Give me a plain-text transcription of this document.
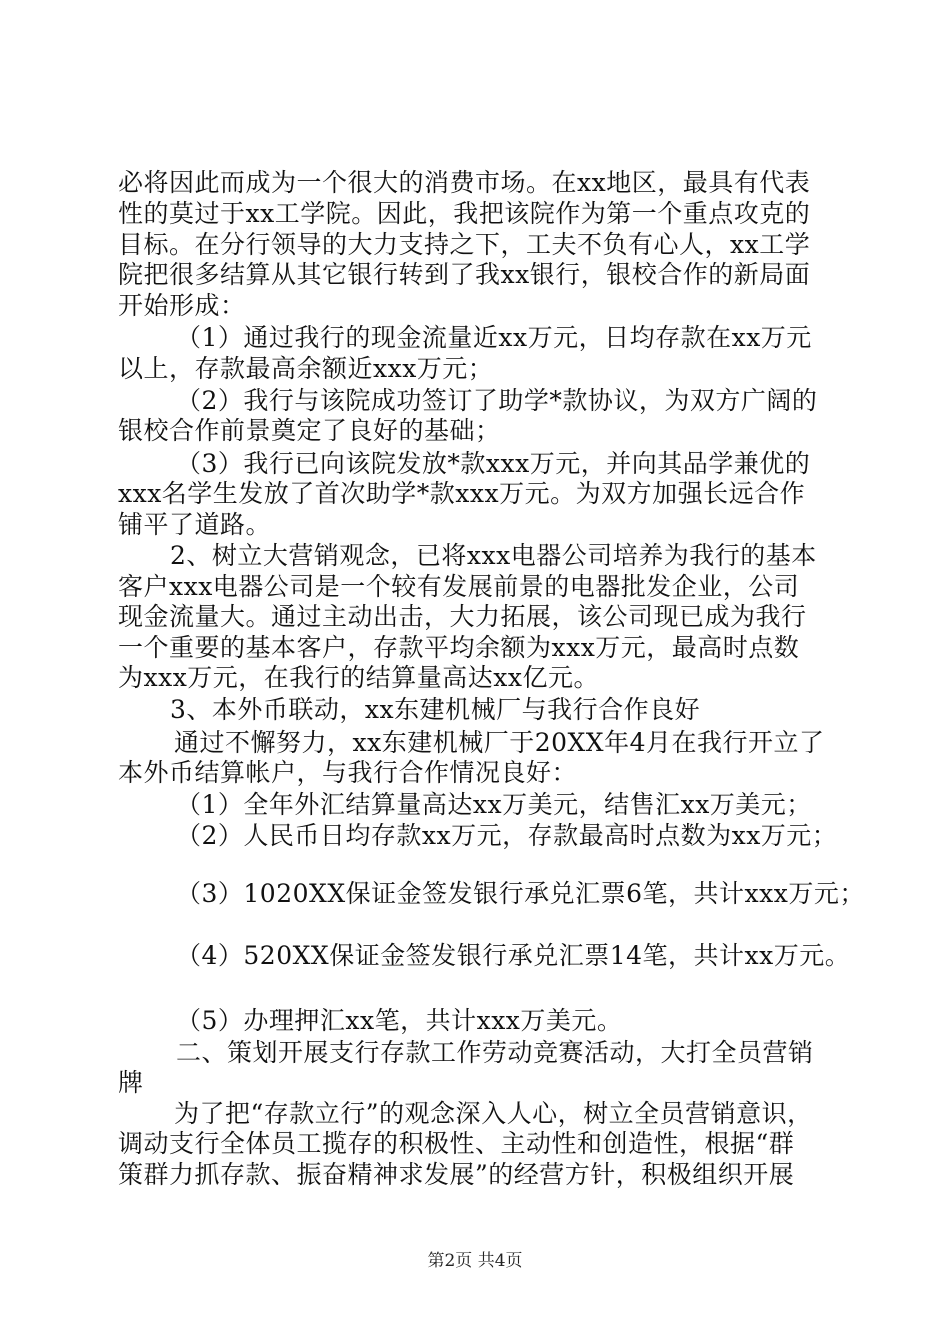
必将因此而成为一个很大的消费市场。在xx地区，最具有代表
性的莫过于xx工学院。因此，我把该院作为第一个重点攻克的
目标。在分行领导的大力支持之下，工夫不负有心人，xx工学
院把很多结算从其它银行转到了我xx银行，银校合作的新局面
开始形成：
（1）通过我行的现金流量近xx万元，日均存款在xx万元
以上，存款最高余额近xxx万元；
（2）我行与该院成功签订了助学*款协议，为双方广阔的
银校合作前景奠定了良好的基础；
（3）我行已向该院发放*款xxx万元，并向其品学兼优的
xxx名学生发放了首次助学*款xxx万元。为双方加强长远合作
铺平了道路。
2、树立大营销观念，已将xxx电器公司培养为我行的基本
客户xxx电器公司是一个较有发展前景的电器批发企业，公司
现金流量大。通过主动出击，大力拓展，该公司现已成为我行
一个重要的基本客户，存款平均余额为xxx万元，最高时点数
为xxx万元，在我行的结算量高达xx亿元。
3、本外币联动，xx东建机械厂与我行合作良好
通过不懈努力，xx东建机械厂于20XX年4月在我行开立了
本外币结算帐户，与我行合作情况良好：
（1）全年外汇结算量高达xx万美元，结售汇xx万美元；
（2）人民币日均存款xx万元，存款最高时点数为xx万元；
（3）1020XX保证金签发银行承兑汇票6笔，共计xxx万元；
（4）520XX保证金签发银行承兑汇票14笔，共计xx万元。
（5）办理押汇xx笔，共计xxx万美元。
二、策划开展支行存款工作劳动竞赛活动，大打全员营销
牌
为了把“存款立行”的观念深入人心，树立全员营销意识，
调动支行全体员工揽存的积极性、主动性和创造性，根据“群
策群力抓存款、振奋精神求发展”的经营方针，积极组织开展
第2页 共4页
